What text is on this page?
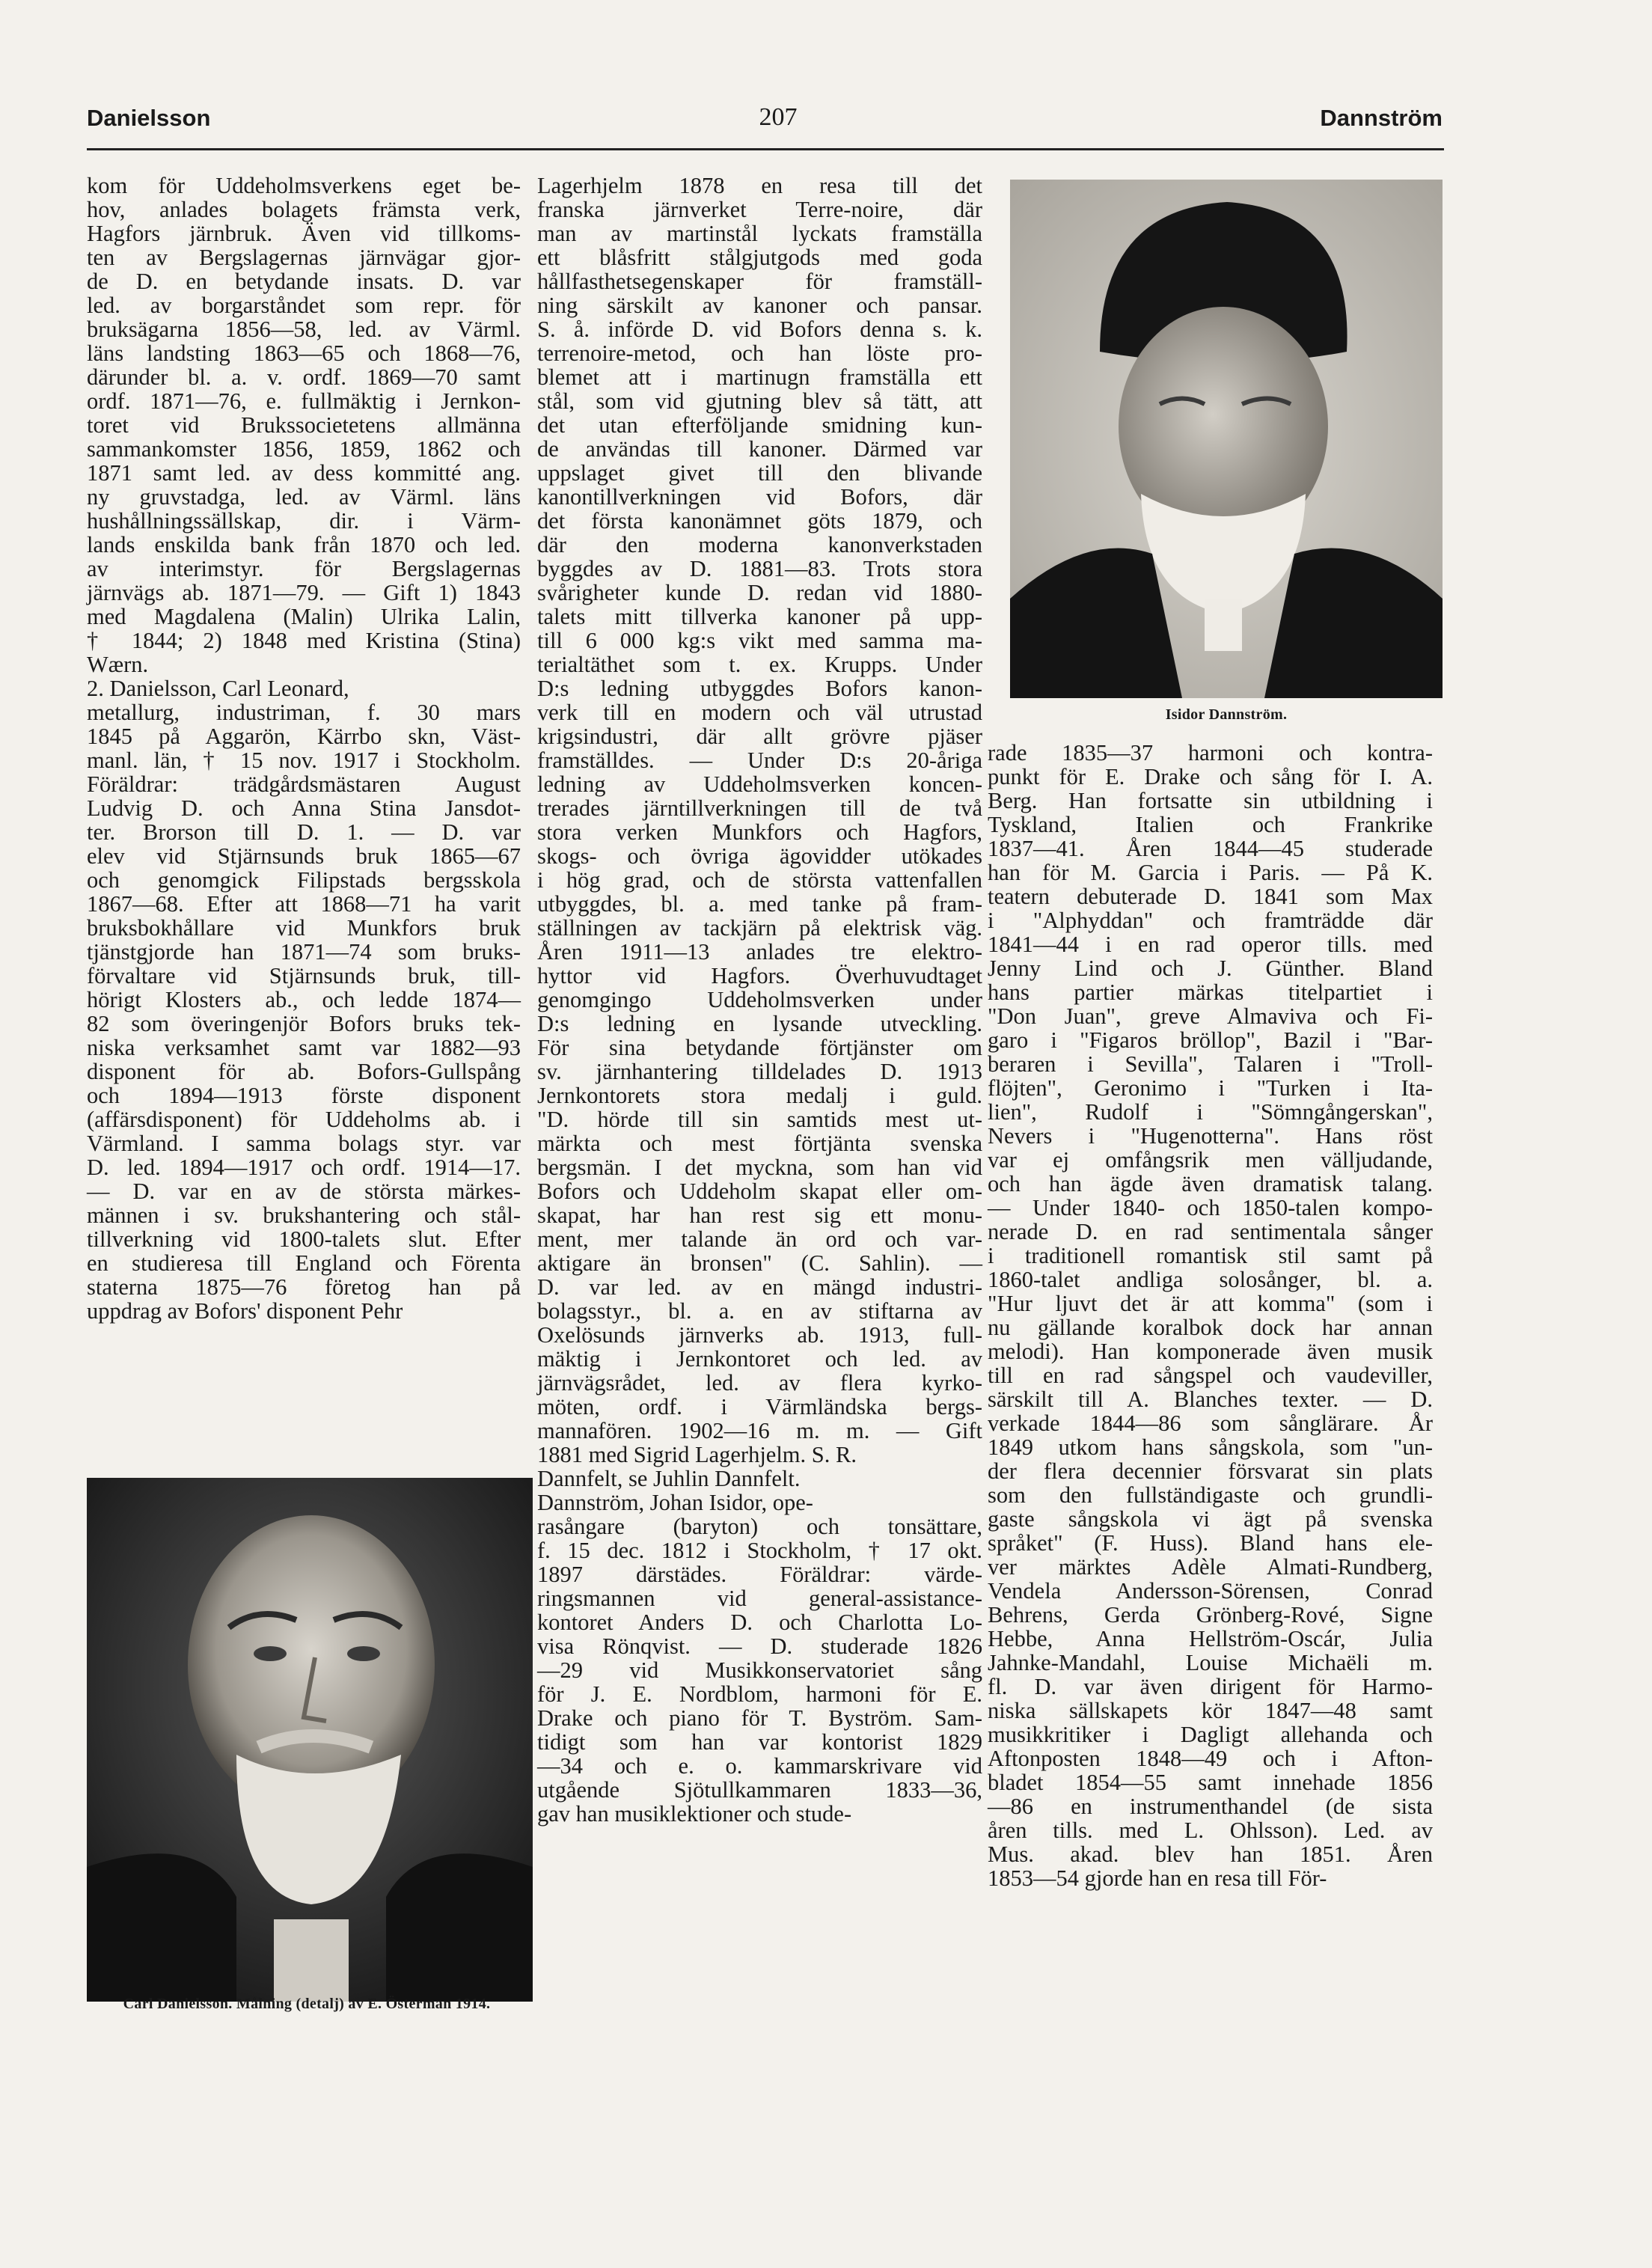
Danielsson	207	Dannström
kom för Uddeholmsverkens eget be-
hov, anlades bolagets främsta verk,
Hagfors järnbruk. Även vid tillkoms-
ten av Bergslagernas järnvägar gjor-
de D. en betydande insats. D. var
led. av borgarståndet som repr. för
bruksägarna 1856—58, led. av Värml.
läns landsting 1863—65 och 1868—76,
därunder bl. a. v. ordf. 1869—70 samt
ordf. 1871—76, e. fullmäktig i Jernkon-
toret vid Brukssocietetens allmänna
sammankomster 1856, 1859, 1862 och
1871 samt led. av dess kommitté ang.
ny gruvstadga, led. av Värml. läns
hushållningssällskap, dir. i Värm-
lands enskilda bank från 1870 och led.
av interimstyr. för Bergslagernas
järnvägs ab. 1871—79. — Gift 1) 1843
med Magdalena (Malin) Ulrika Lalin,
† 1844; 2) 1848 med Kristina (Stina)
Wærn.
2. Danielsson, Carl Leonard,
metallurg, industriman, f. 30 mars
1845 på Aggarön, Kärrbo skn, Väst-
manl. län, † 15 nov. 1917 i Stockholm.
Föräldrar: trädgårdsmästaren August
Ludvig D. och Anna Stina Jansdot-
ter. Brorson till D. 1. — D. var
elev vid Stjärnsunds bruk 1865—67
och genomgick Filipstads bergsskola
1867—68. Efter att 1868—71 ha varit
bruksbokhållare vid Munkfors bruk
tjänstgjorde han 1871—74 som bruks-
förvaltare vid Stjärnsunds bruk, till-
hörigt Klosters ab., och ledde 1874—
82 som överingenjör Bofors bruks tek-
niska verksamhet samt var 1882—93
disponent för ab. Bofors-Gullspång
och 1894—1913 förste disponent
(affärsdisponent) för Uddeholms ab. i
Värmland. I samma bolags styr. var
D. led. 1894—1917 och ordf. 1914—17.
— D. var en av de största märkes-
männen i sv. brukshantering och stål-
tillverkning vid 1800-talets slut. Efter
en studieresa till England och Förenta
staterna 1875—76 företog han på
uppdrag av Bofors' disponent Pehr
Lagerhjelm 1878 en resa till det
franska järnverket Terre-noire, där
man av martinstål lyckats framställa
ett blåsfritt stålgjutgods med goda
hållfasthetsegenskaper för framställ-
ning särskilt av kanoner och pansar.
S. å. införde D. vid Bofors denna s. k.
terrenoire-metod, och han löste pro-
blemet att i martinugn framställa ett
stål, som vid gjutning blev så tätt, att
det utan efterföljande smidning kun-
de användas till kanoner. Därmed var
uppslaget givet till den blivande
kanontillverkningen vid Bofors, där
det första kanonämnet göts 1879, och
där den moderna kanonverkstaden
byggdes av D. 1881—83. Trots stora
svårigheter kunde D. redan vid 1880-
talets mitt tillverka kanoner på upp-
till 6 000 kg:s vikt med samma ma-
terialtäthet som t. ex. Krupps. Under
D:s ledning utbyggdes Bofors kanon-
verk till en modern och väl utrustad
krigsindustri, där allt grövre pjäser
framställdes. — Under D:s 20-åriga
ledning av Uddeholmsverken koncen-
trerades järntillverkningen till de två
stora verken Munkfors och Hagfors,
skogs- och övriga ägovidder utökades
i hög grad, och de största vattenfallen
utbyggdes, bl. a. med tanke på fram-
ställningen av tackjärn på elektrisk väg.
Åren 1911—13 anlades tre elektro-
hyttor vid Hagfors. Överhuvudtaget
genomgingo Uddeholmsverken under
D:s ledning en lysande utveckling.
För sina betydande förtjänster om
sv. järnhantering tilldelades D. 1913
Jernkontorets stora medalj i guld.
"D. hörde till sin samtids mest ut-
märkta och mest förtjänta svenska
bergsmän. I det myckna, som han vid
Bofors och Uddeholm skapat eller om-
skapat, har han rest sig ett monu-
ment, mer talande än ord och var-
aktigare än bronsen" (C. Sahlin). —
D. var led. av en mängd industri-
bolagsstyr., bl. a. en av stiftarna av
Oxelösunds järnverks ab. 1913, full-
mäktig i Jernkontoret och led. av
järnvägsrådet, led. av flera kyrko-
möten, ordf. i Värmländska bergs-
mannafören. 1902—16 m. m. — Gift
1881 med Sigrid Lagerhjelm. S. R.
Dannfelt, se Juhlin Dannfelt.
Dannström, Johan Isidor, ope-
rasångare (baryton) och tonsättare,
f. 15 dec. 1812 i Stockholm, † 17 okt.
1897 därstädes. Föräldrar: värde-
ringsmannen vid general-assistance-
kontoret Anders D. och Charlotta Lo-
visa Rönqvist. — D. studerade 1826
—29 vid Musikkonservatoriet sång
för J. E. Nordblom, harmoni för E.
Drake och piano för T. Byström. Sam-
tidigt som han var kontorist 1829
—34 och e. o. kammarskrivare vid
utgående Sjötullkammaren 1833—36,
gav han musiklektioner och stude-
rade 1835—37 harmoni och kontra-
punkt för E. Drake och sång för I. A.
Berg. Han fortsatte sin utbildning i
Tyskland, Italien och Frankrike
1837—41. Åren 1844—45 studerade
han för M. Garcia i Paris. — På K.
teatern debuterade D. 1841 som Max
i "Alphyddan" och framträdde där
1841—44 i en rad operor tills. med
Jenny Lind och J. Günther. Bland
hans partier märkas titelpartiet i
"Don Juan", greve Almaviva och Fi-
garo i "Figaros bröllop", Bazil i "Bar-
beraren i Sevilla", Talaren i "Troll-
flöjten", Geronimo i "Turken i Ita-
lien", Rudolf i "Sömngångerskan",
Nevers i "Hugenotterna". Hans röst
var ej omfångsrik men välljudande,
och han ägde även dramatisk talang.
— Under 1840- och 1850-talen kompo-
nerade D. en rad sentimentala sånger
i traditionell romantisk stil samt på
1860-talet andliga solosånger, bl. a.
"Hur ljuvt det är att komma" (som i
nu gällande koralbok dock har annan
melodi). Han komponerade även musik
till en rad sångspel och vaudeviller,
särskilt till A. Blanches texter. — D.
verkade 1844—86 som sånglärare. År
1849 utkom hans sångskola, som "un-
der flera decennier försvarat sin plats
som den fullständigaste och grundli-
gaste sångskola vi ägt på svenska
språket" (F. Huss). Bland hans ele-
ver märktes Adèle Almati-Rundberg,
Vendela Andersson-Sörensen, Conrad
Behrens, Gerda Grönberg-Rové, Signe
Hebbe, Anna Hellström-Oscár, Julia
Jahnke-Mandahl, Louise Michaëli m.
fl. D. var även dirigent för Harmo-
niska sällskapets kör 1847—48 samt
musikkritiker i Dagligt allehanda och
Aftonposten 1848—49 och i Afton-
bladet 1854—55 samt innehade 1856
—86 en instrumenthandel (de sista
åren tills. med L. Ohlsson). Led. av
Mus. akad. blev han 1851. Åren
1853—54 gjorde han en resa till För-
Carl Danielsson. Målning (detalj) av E. Österman 1914.
Isidor Dannström.
